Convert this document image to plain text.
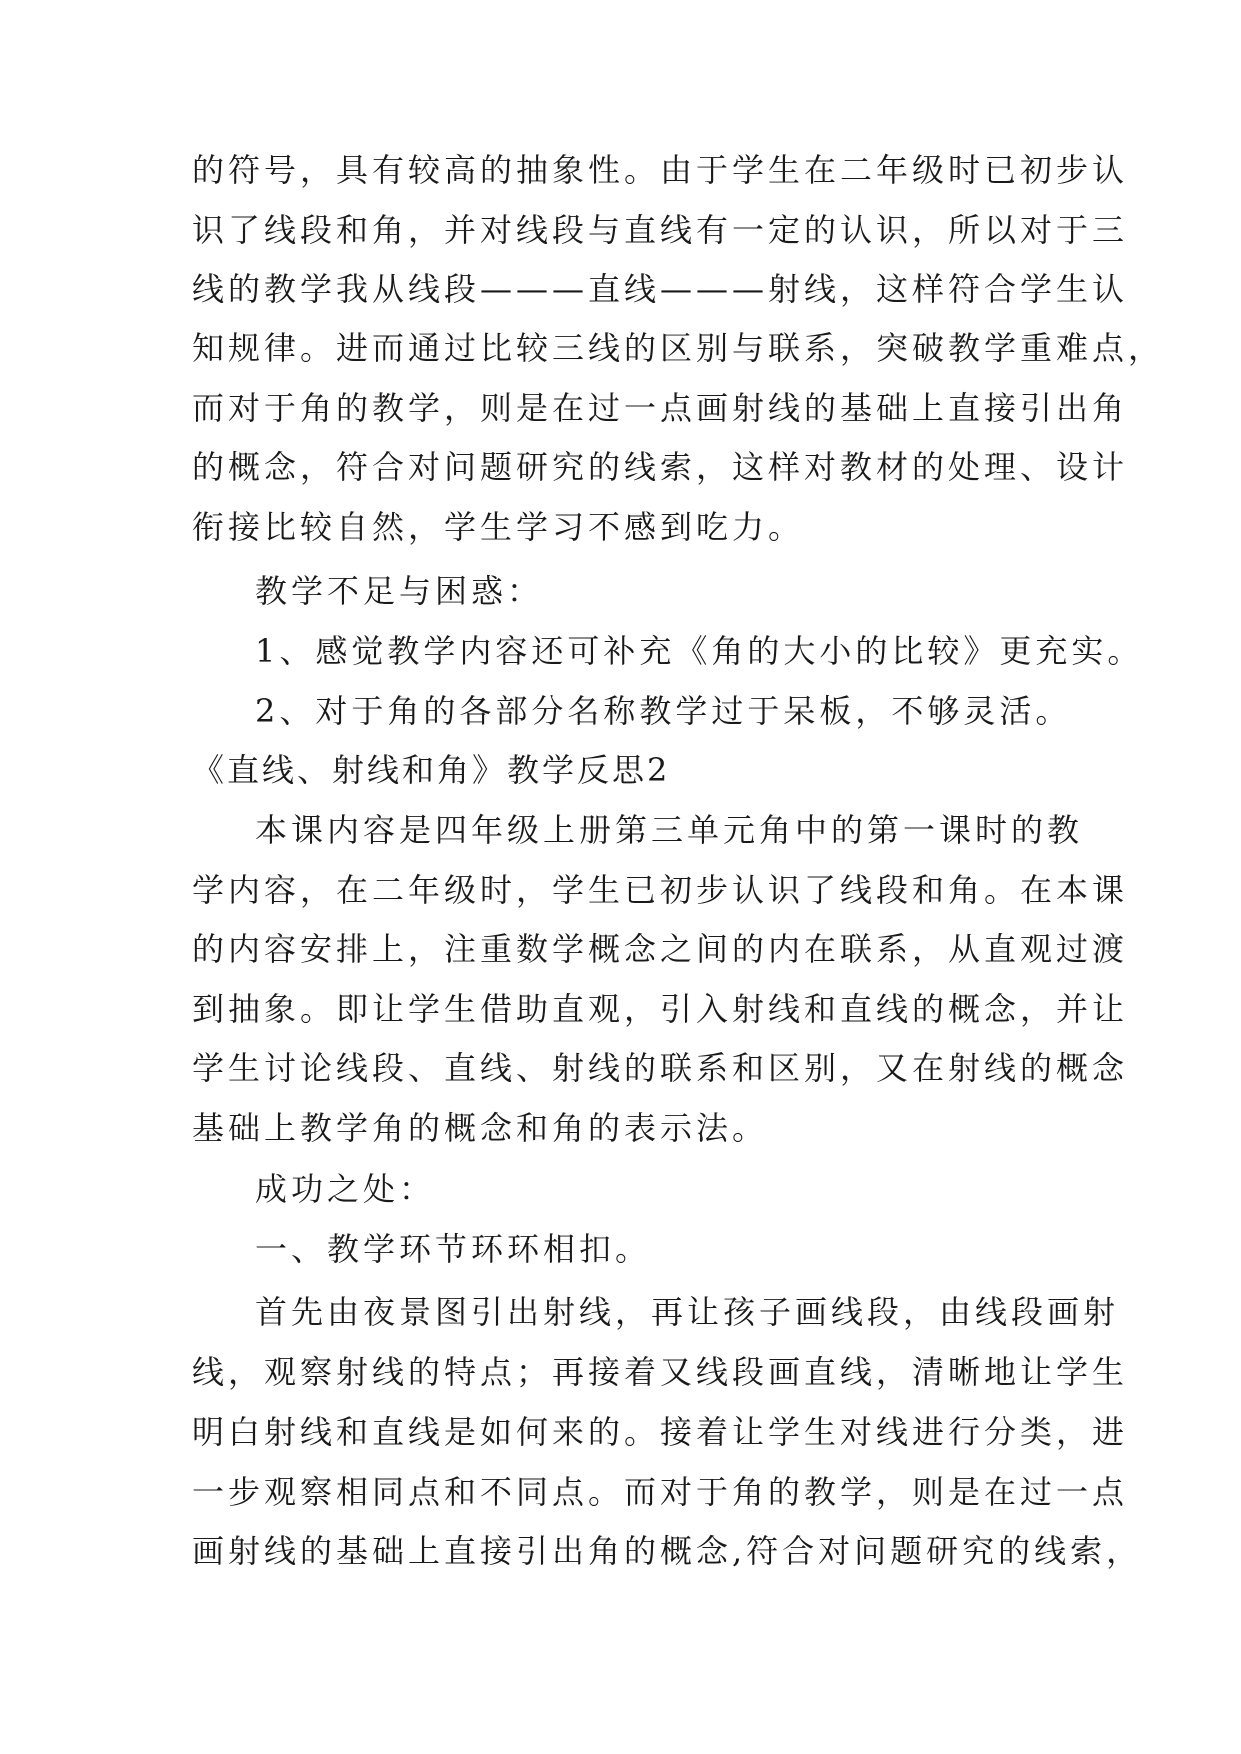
的符号，具有较高的抽象性。由于学生在二年级时已初步认
识了线段和角，并对线段与直线有一定的认识，所以对于三
线的教学我从线段———直线———射线，这样符合学生认
知规律。进而通过比较三线的区别与联系，突破教学重难点，
而对于角的教学，则是在过一点画射线的基础上直接引出角
的概念，符合对问题研究的线索，这样对教材的处理、设计
衔接比较自然，学生学习不感到吃力。
教学不足与困惑：
1、感觉教学内容还可补充《角的大小的比较》更充实。
2、对于角的各部分名称教学过于呆板，不够灵活。
《直线、射线和角》教学反思2
本课内容是四年级上册第三单元角中的第一课时的教
学内容，在二年级时，学生已初步认识了线段和角。在本课
的内容安排上，注重数学概念之间的内在联系，从直观过渡
到抽象。即让学生借助直观，引入射线和直线的概念，并让
学生讨论线段、直线、射线的联系和区别，又在射线的概念
基础上教学角的概念和角的表示法。
成功之处：
一、教学环节环环相扣。
首先由夜景图引出射线，再让孩子画线段，由线段画射
线，观察射线的特点；再接着又线段画直线，清晰地让学生
明白射线和直线是如何来的。接着让学生对线进行分类，进
一步观察相同点和不同点。而对于角的教学，则是在过一点
画射线的基础上直接引出角的概念,符合对问题研究的线索，
